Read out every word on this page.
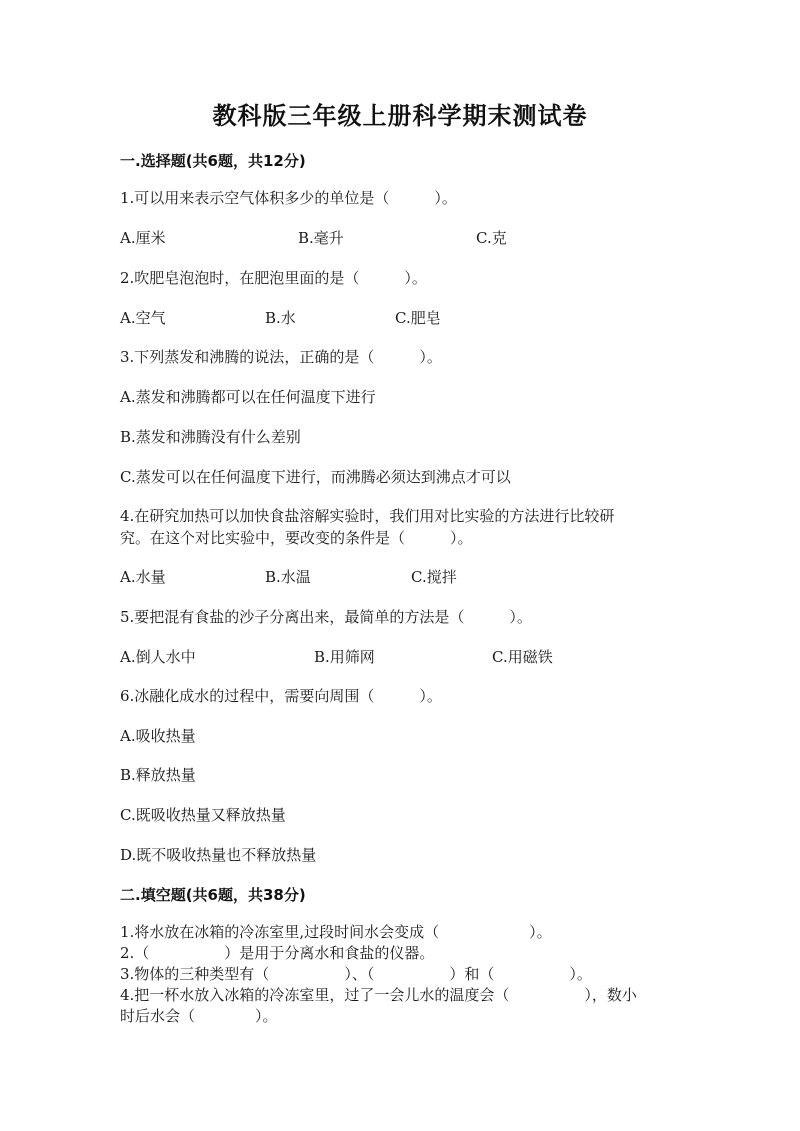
教科版三年级上册科学期末测试卷
一.选择题(共6题，共12分)
1.可以用来表示空气体积多少的单位是（　　　）。
A.厘米	B.毫升	C.克
2.吹肥皂泡泡时，在肥泡里面的是（　　　）。
A.空气	B.水	C.肥皂
3.下列蒸发和沸腾的说法，正确的是（　　　）。
A.蒸发和沸腾都可以在任何温度下进行
B.蒸发和沸腾没有什么差别
C.蒸发可以在任何温度下进行，而沸腾必须达到沸点才可以
4.在研究加热可以加快食盐溶解实验时，我们用对比实验的方法进行比较研
究。在这个对比实验中，要改变的条件是（　　　）。
A.水量	B.水温	C.搅拌
5.要把混有食盐的沙子分离出来，最简单的方法是（　　　）。
A.倒人水中	B.用筛网	C.用磁铁
6.冰融化成水的过程中，需要向周围（　　　）。
A.吸收热量
B.释放热量
C.既吸收热量又释放热量
D.既不吸收热量也不释放热量
二.填空题(共6题，共38分)
1.将水放在冰箱的冷冻室里,过段时间水会变成（　　　　　　）。
2.（　　　　　）是用于分离水和食盐的仪器。
3.物体的三种类型有（　　　　　）、（　　　　　）和（　　　　　）。
4.把一杯水放入冰箱的冷冻室里，过了一会儿水的温度会（　　　　　），数小
时后水会（　　　　）。
